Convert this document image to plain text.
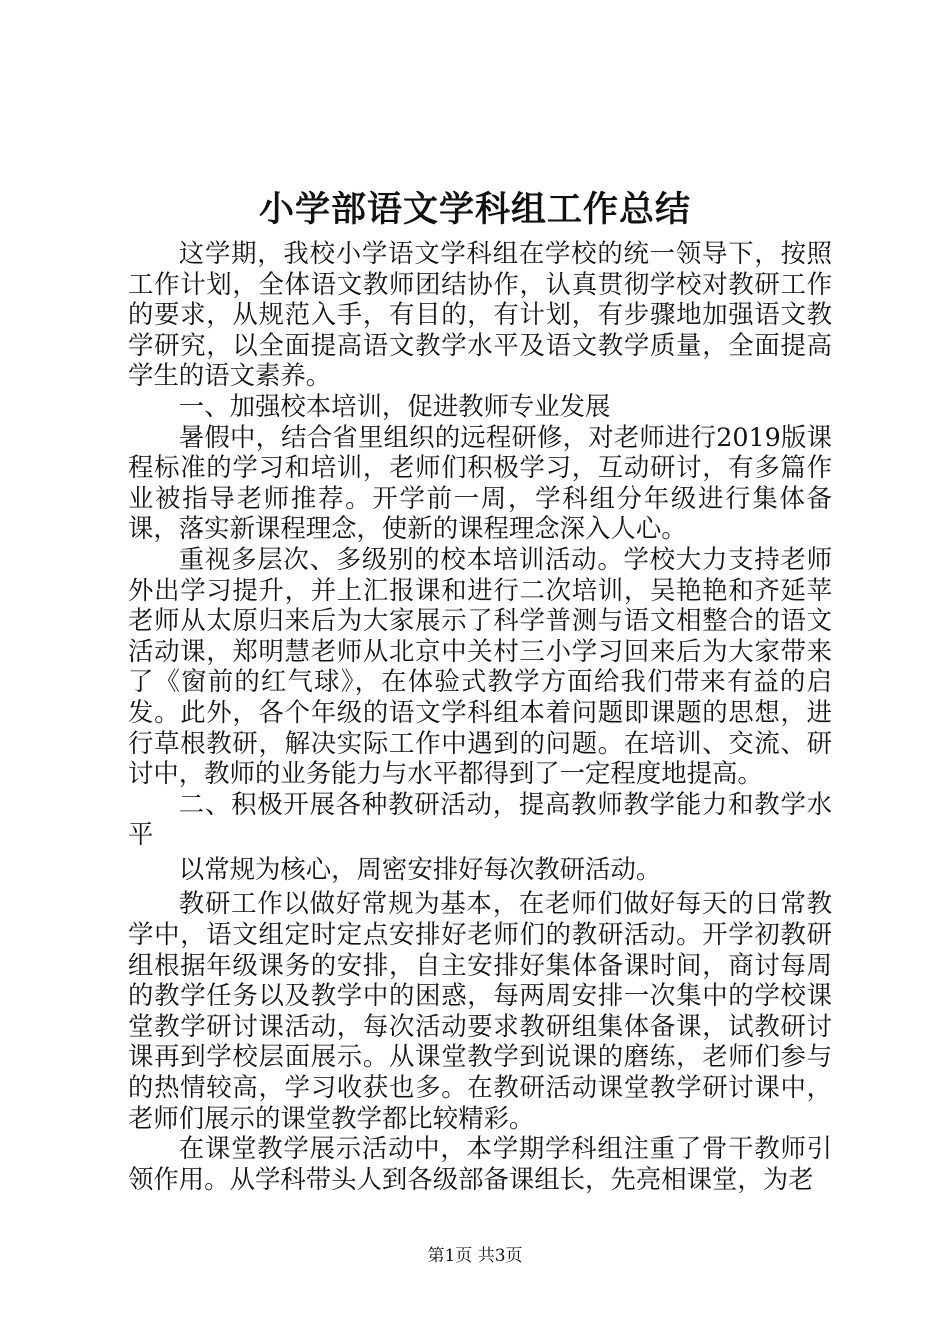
小学部语文学科组工作总结

这学期，我校小学语文学科组在学校的统一领导下，按照工作计划，全体语文教师团结协作，认真贯彻学校对教研工作的要求，从规范入手，有目的，有计划，有步骤地加强语文教学研究，以全面提高语文教学水平及语文教学质量，全面提高学生的语文素养。

一、加强校本培训，促进教师专业发展

暑假中，结合省里组织的远程研修，对老师进行2019版课程标准的学习和培训，老师们积极学习，互动研讨，有多篇作业被指导老师推荐。开学前一周，学科组分年级进行集体备课，落实新课程理念，使新的课程理念深入人心。

重视多层次、多级别的校本培训活动。学校大力支持老师外出学习提升，并上汇报课和进行二次培训，吴艳艳和齐延苹老师从太原归来后为大家展示了科学普测与语文相整合的语文活动课，郑明慧老师从北京中关村三小学习回来后为大家带来了《窗前的红气球》，在体验式教学方面给我们带来有益的启发。此外，各个年级的语文学科组本着问题即课题的思想，进行草根教研，解决实际工作中遇到的问题。在培训、交流、研讨中，教师的业务能力与水平都得到了一定程度地提高。

二、积极开展各种教研活动，提高教师教学能力和教学水平

以常规为核心，周密安排好每次教研活动。

教研工作以做好常规为基本，在老师们做好每天的日常教学中，语文组定时定点安排好老师们的教研活动。开学初教研组根据年级课务的安排，自主安排好集体备课时间，商讨每周的教学任务以及教学中的困惑，每两周安排一次集中的学校课堂教学研讨课活动，每次活动要求教研组集体备课，试教研讨课再到学校层面展示。从课堂教学到说课的磨练，老师们参与的热情较高，学习收获也多。在教研活动课堂教学研讨课中，老师们展示的课堂教学都比较精彩。

在课堂教学展示活动中，本学期学科组注重了骨干教师引领作用。从学科带头人到各级部备课组长，先亮相课堂，为老

第1页 共3页
